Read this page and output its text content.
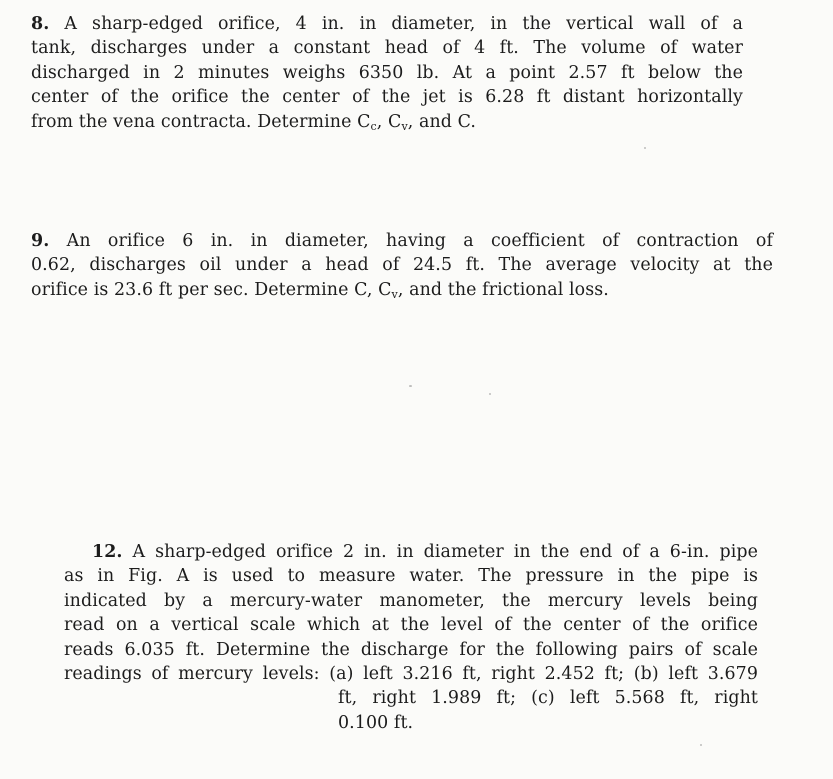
8. A sharp-edged orifice, 4 in. in diameter, in the vertical wall of a
tank, discharges under a constant head of 4 ft. The volume of water
discharged in 2 minutes weighs 6350 lb. At a point 2.57 ft below the
center of the orifice the center of the jet is 6.28 ft distant horizontally
from the vena contracta. Determine $C_c$, $C_v$, and C.
9. An orifice 6 in. in diameter, having a coefficient of contraction of
0.62, discharges oil under a head of 24.5 ft. The average velocity at the
orifice is 23.6 ft per sec. Determine C, $C_v$, and the frictional loss.
12. A sharp-edged orifice 2 in. in diameter in the end of a 6-in. pipe
as in Fig. A is used to measure water. The pressure in the pipe is
indicated by a mercury-water manometer, the mercury levels being
read on a vertical scale which at the level of the center of the orifice
reads 6.035 ft. Determine the discharge for the following pairs of scale
readings of mercury levels: (a) left 3.216 ft, right 2.452 ft; (b) left 3.679
ft, right 1.989 ft; (c) left 5.568 ft, right
0.100 ft.
